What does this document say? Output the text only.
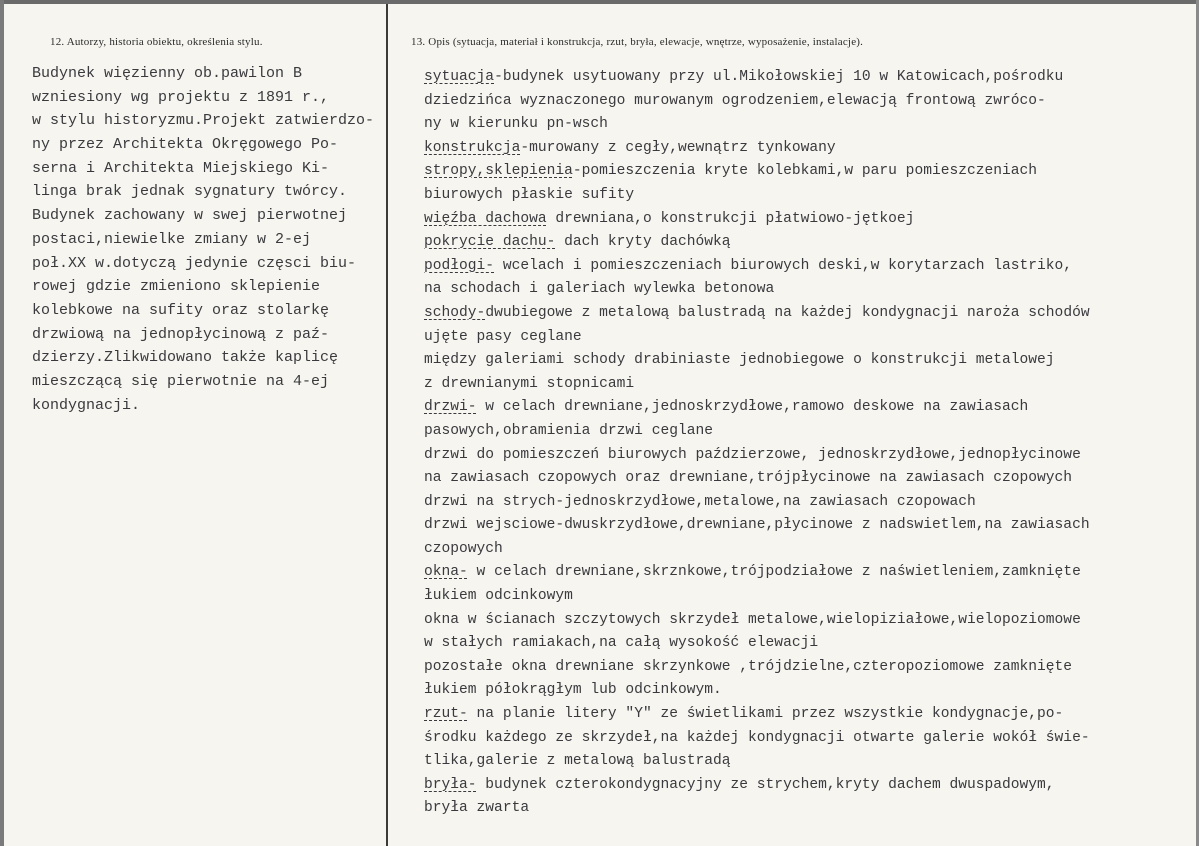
12. Autorzy, historia obiektu, określenia stylu.	13. Opis (sytuacja, materiał i konstrukcja, rzut, bryła, elewacje, wnętrze, wyposażenie, instalacje).
Budynek więzienny ob.pawilon B
wzniesiony wg projektu z 1891 r.,
w stylu historyzmu.Projekt zatwierdzo-
ny przez Architekta Okręgowego Po-
serna i Architekta Miejskiego Ki-
linga brak jednak sygnatury twórcy.
Budynek zachowany w swej pierwotnej
postaci,niewielke zmiany w 2-ej
poł.XX w.dotyczą jedynie częsci biu-
rowej gdzie zmieniono sklepienie
kolebkowe na sufity oraz stolarkę
drzwiową na jednopłycinową z paź-
dzierzy.Zlikwidowano także kaplicę
mieszczącą się pierwotnie na 4-ej
kondygnacji.
sytuacja-budynek usytuowany przy ul.Mikołowskiej 10 w Katowicach,pośrodku
dziedzińca wyznaczonego murowanym ogrodzeniem,elewacją frontową zwróco-
ny w kierunku pn-wsch
konstrukcja-murowany z cegły,wewnątrz tynkowany
stropy,sklepienia-pomieszczenia kryte kolebkami,w paru pomieszczeniach
biurowych płaskie sufity
więźba dachowa drewniana,o konstrukcji płatwiowo-jętkoej
pokrycie dachu- dach kryty dachówką
podłogi- wcelach i pomieszczeniach biurowych deski,w korytarzach lastriko,
na schodach i galeriach wylewka betonowa
schody-dwubiegowe z metalową balustradą na każdej kondygnacji naroża schodów
ujęte pasy ceglane
między galeriami schody drabiniaste jednobiegowe o konstrukcji metalowej
z drewnianymi stopnicami
drzwi- w celach drewniane,jednoskrzydłowe,ramowo deskowe na zawiasach
pasowych,obramienia drzwi ceglane
drzwi do pomieszczeń biurowych paździerzowe, jednoskrzydłowe,jednopłycinowe
na zawiasach czopowych oraz drewniane,trójpłycinowe na zawiasach czopowych
drzwi na strych-jednoskrzydłowe,metalowe,na zawiasach czopowach
drzwi wejsciowe-dwuskrzydłowe,drewniane,płycinowe z nadswietlem,na zawiasach
czopowych
okna- w celach drewniane,skrznkowe,trójpodziałowe z naświetleniem,zamknięte
łukiem odcinkowym
okna w ścianach szczytowych skrzydeł metalowe,wielopiziałowe,wielopoziomowe
w stałych ramiakach,na całą wysokość elewacji
pozostałe okna drewniane skrzynkowe ,trójdzielne,czteropoziomowe zamknięte
łukiem półokrągłym lub odcinkowym.
rzut- na planie litery "Y" ze świetlikami przez wszystkie kondygnacje,po-
środku każdego ze skrzydeł,na każdej kondygnacji otwarte galerie wokół świe-
tlika,galerie z metalową balustradą
bryła- budynek czterokondygnacyjny ze strychem,kryty dachem dwuspadowym,
bryła zwarta
